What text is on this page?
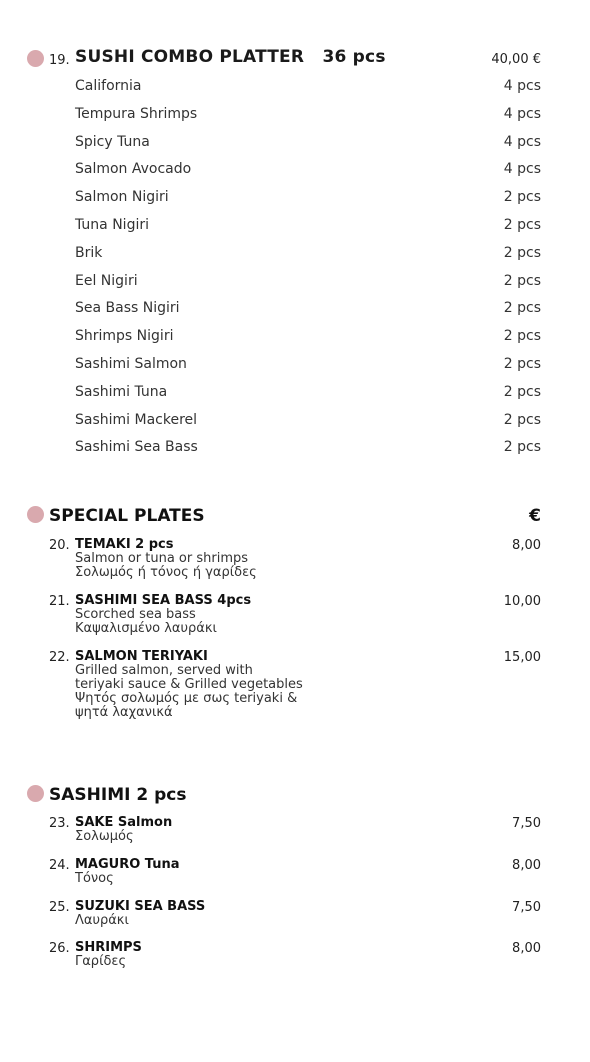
19. SUSHI COMBO PLATTER   36 pcs	40,00 €
California	4 pcs
Tempura Shrimps	4 pcs
Spicy Tuna	4 pcs
Salmon Avocado	4 pcs
Salmon Nigiri	2 pcs
Tuna Nigiri	2 pcs
Brik	2 pcs
Eel Nigiri	2 pcs
Sea Bass Nigiri	2 pcs
Shrimps Nigiri	2 pcs
Sashimi Salmon	2 pcs
Sashimi Tuna	2 pcs
Sashimi Mackerel	2 pcs
Sashimi Sea Bass	2 pcs
SPECIAL PLATES	€
20. TEMAKI 2 pcs
Salmon or tuna or shrimps
Σολωμός ή τόνος ή γαρίδες
8,00
21. SASHIMI SEA BASS 4pcs
Scorched sea bass
Καψαλισμένο λαυράκι
10,00
22. SALMON TERIYAKI
Grilled salmon, served with
teriyaki sauce & Grilled vegetables
Ψητός σολωμός με σως teriyaki &
ψητά λαχανικά
15,00
SASHIMI 2 pcs
23. SAKE Salmon
Σολωμός
7,50
24. MAGURO Tuna
Τόνος
8,00
25. SUZUKI SEA BASS
Λαυράκι
7,50
26. SHRIMPS
Γαρίδες
8,00
